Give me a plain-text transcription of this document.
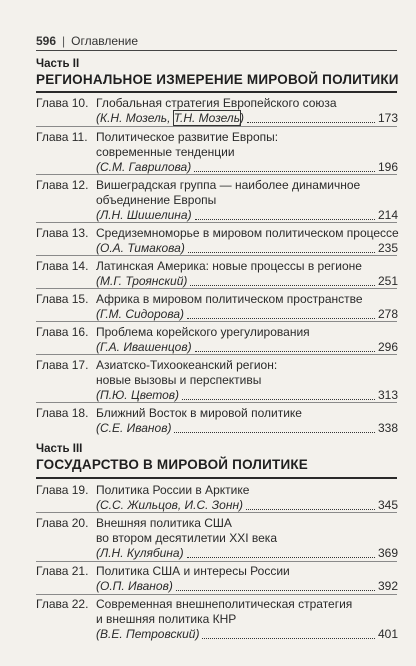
596 | Оглавление
Часть II
РЕГИОНАЛЬНОЕ ИЗМЕРЕНИЕ МИРОВОЙ ПОЛИТИКИ
Глава 10. Глобальная стратегия Европейского союза
(К.Н. Мозель, Т.Н. Мозель)	173
Глава 11. Политическое развитие Европы:
современные тенденции
(С.М. Гаврилова)	196
Глава 12. Вишеградская группа — наиболее динамичное
объединение Европы
(Л.Н. Шишелина)	214
Глава 13. Средиземноморье в мировом политическом процессе
(О.А. Тимакова)	235
Глава 14. Латинская Америка: новые процессы в регионе
(М.Г. Троянский)	251
Глава 15. Африка в мировом политическом пространстве
(Г.М. Сидорова)	278
Глава 16. Проблема корейского урегулирования
(Г.А. Ивашенцов)	296
Глава 17. Азиатско-Тихоокеанский регион:
новые вызовы и перспективы
(П.Ю. Цветов)	313
Глава 18. Ближний Восток в мировой политике
(С.Е. Иванов)	338
Часть III
ГОСУДАРСТВО В МИРОВОЙ ПОЛИТИКЕ
Глава 19. Политика России в Арктике
(С.С. Жильцов, И.С. Зонн)	345
Глава 20. Внешняя политика США
во втором десятилетии XXI века
(Л.Н. Кулябина)	369
Глава 21. Политика США и интересы России
(О.П. Иванов)	392
Глава 22. Современная внешнеполитическая стратегия
и внешняя политика КНР
(В.Е. Петровский)	401
